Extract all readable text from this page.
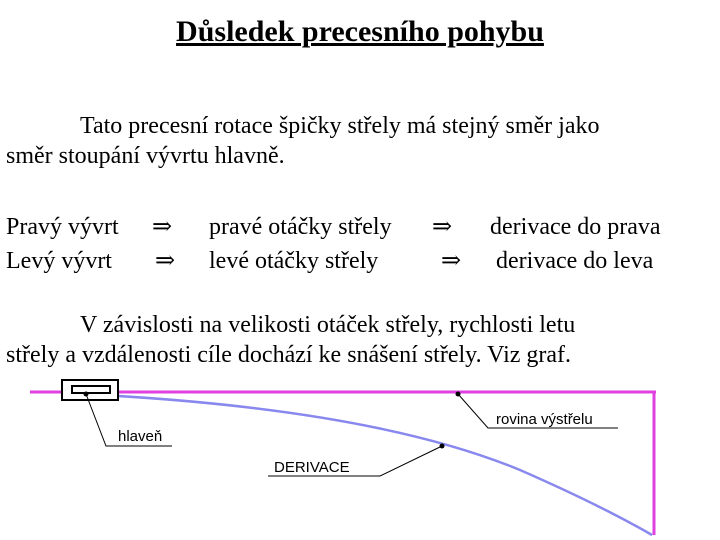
Důsledek precesního pohybu

Tato precesní rotace špičky střely má stejný směr jako
směr stoupání vývrtu hlavně.

Pravý vývrt ⇒ pravé otáčky střely ⇒ derivace do prava
Levý vývrt ⇒ levé otáčky střely	⇒ derivace do leva

V závislosti na velikosti otáček střely, rychlosti letu
střely a vzdálenosti cíle dochází ke snášení střely. Viz graf.

hlaveň
DERIVACE
rovina výstřelu
